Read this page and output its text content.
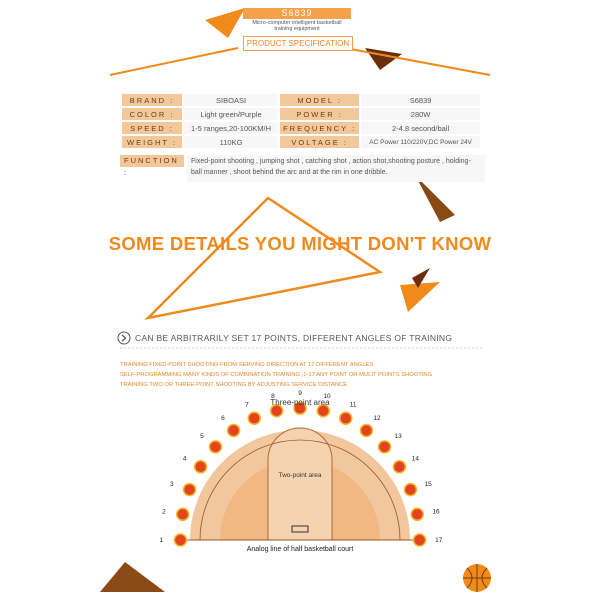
S6839
Micro-computer intelligent basketball training equipment
PRODUCT SPECIFICATION
BRAND :	SIBOASI	MODEL :	S6839
COLOR :	Light green/Purple	POWER :	280W
SPEED :	1-5 ranges,20-100KM/H	FREQUENCY :	2-4.8 second/ball
WEIGHT :	110KG	VOLTAGE :	AC Power 110/220V,DC Power 24V
FUNCTION :
Fixed-point shooting , jumping shot , catching shot , action shot,shooting posture , holding-ball manner , shoot behind the arc and at the rim in one dribble.
SOME DETAILS YOU MIGHT DON'T KNOW
CAN BE ARBITRARILY SET 17 POINTS, DIFFERENT ANGLES OF TRAINING
TRAINING FIXED-POINT SHOOTING FROM SERVING DIRECTION AT 17 DIFFERENT ANGLES
SELF-PROGRAMMING MANY KINDS OF COMBINATION TRAINING ,1-17 ANY POINT OR MULIT POINTS SHOOTING
TRAINING TWO OR THREE-POINT SHOOTING BY ADJUSTING SERVICE DISTANCE
1
2
3
4
5
6
7
8	9	10
11
12
13
14
15
16
17
Three-point area
Two-point area
Analog line of half basketball court
